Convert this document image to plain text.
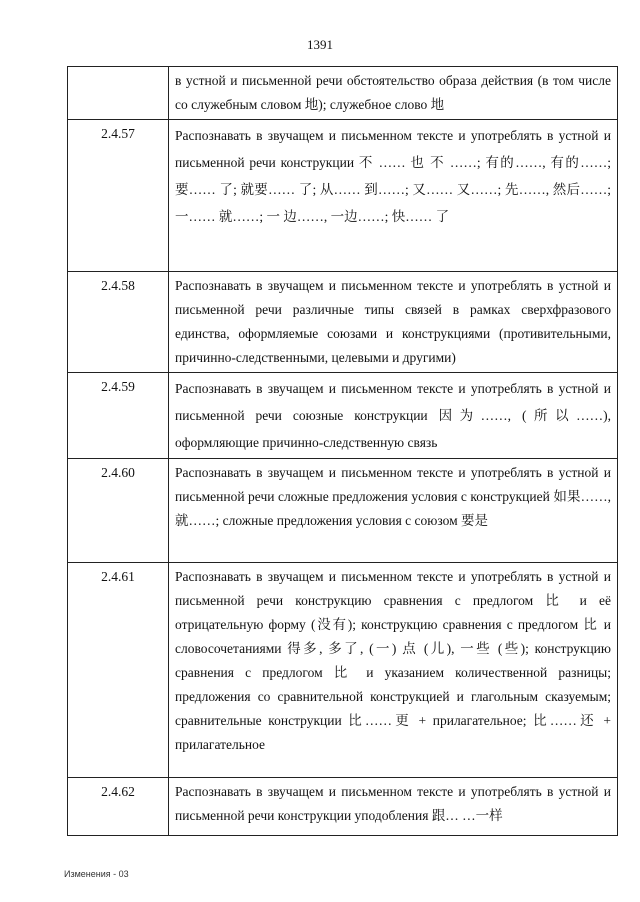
1391
	в устной и письменной речи обстоятельство образа действия (в том числе со служебным словом 地); служебное слово 地
2.4.57	Распознавать в звучащем и письменном тексте и употреблять в устной и письменной речи конструкции 不 …… 也 不 ……; 有的……, 有的……; 要…… 了; 就要…… 了; 从…… 到……; 又…… 又……; 先……, 然后……; 一…… 就……; 一 边……, 一边……; 快…… 了
2.4.58	Распознавать в звучащем и письменном тексте и употреблять в устной и письменной речи различные типы связей в рамках сверхфразового единства, оформляемые союзами и конструкциями (противительными, причинно-следственными, целевыми и другими)
2.4.59	Распознавать в звучащем и письменном тексте и употреблять в устной и письменной речи союзные конструкции 因为……, (所以……), оформляющие причинно-следственную связь
2.4.60	Распознавать в звучащем и письменном тексте и употреблять в устной и письменной речи сложные предложения условия с конструкцией 如果……, 就……; сложные предложения условия с союзом 要是
2.4.61	Распознавать в звучащем и письменном тексте и употреблять в устной и письменной речи конструкцию сравнения с предлогом 比 и её отрицательную форму (没有); конструкцию сравнения с предлогом 比 и словосочетаниями 得多, 多了, (一) 点 (儿), 一些 (些); конструкцию сравнения с предлогом 比 и указанием количественной разницы; предложения со сравнительной конструкцией и глагольным сказуемым; сравнительные конструкции 比……更 + прилагательное; 比……还 + прилагательное
2.4.62	Распознавать в звучащем и письменном тексте и употреблять в устной и письменной речи конструкции уподобления 跟… …一样
Изменения - 03
